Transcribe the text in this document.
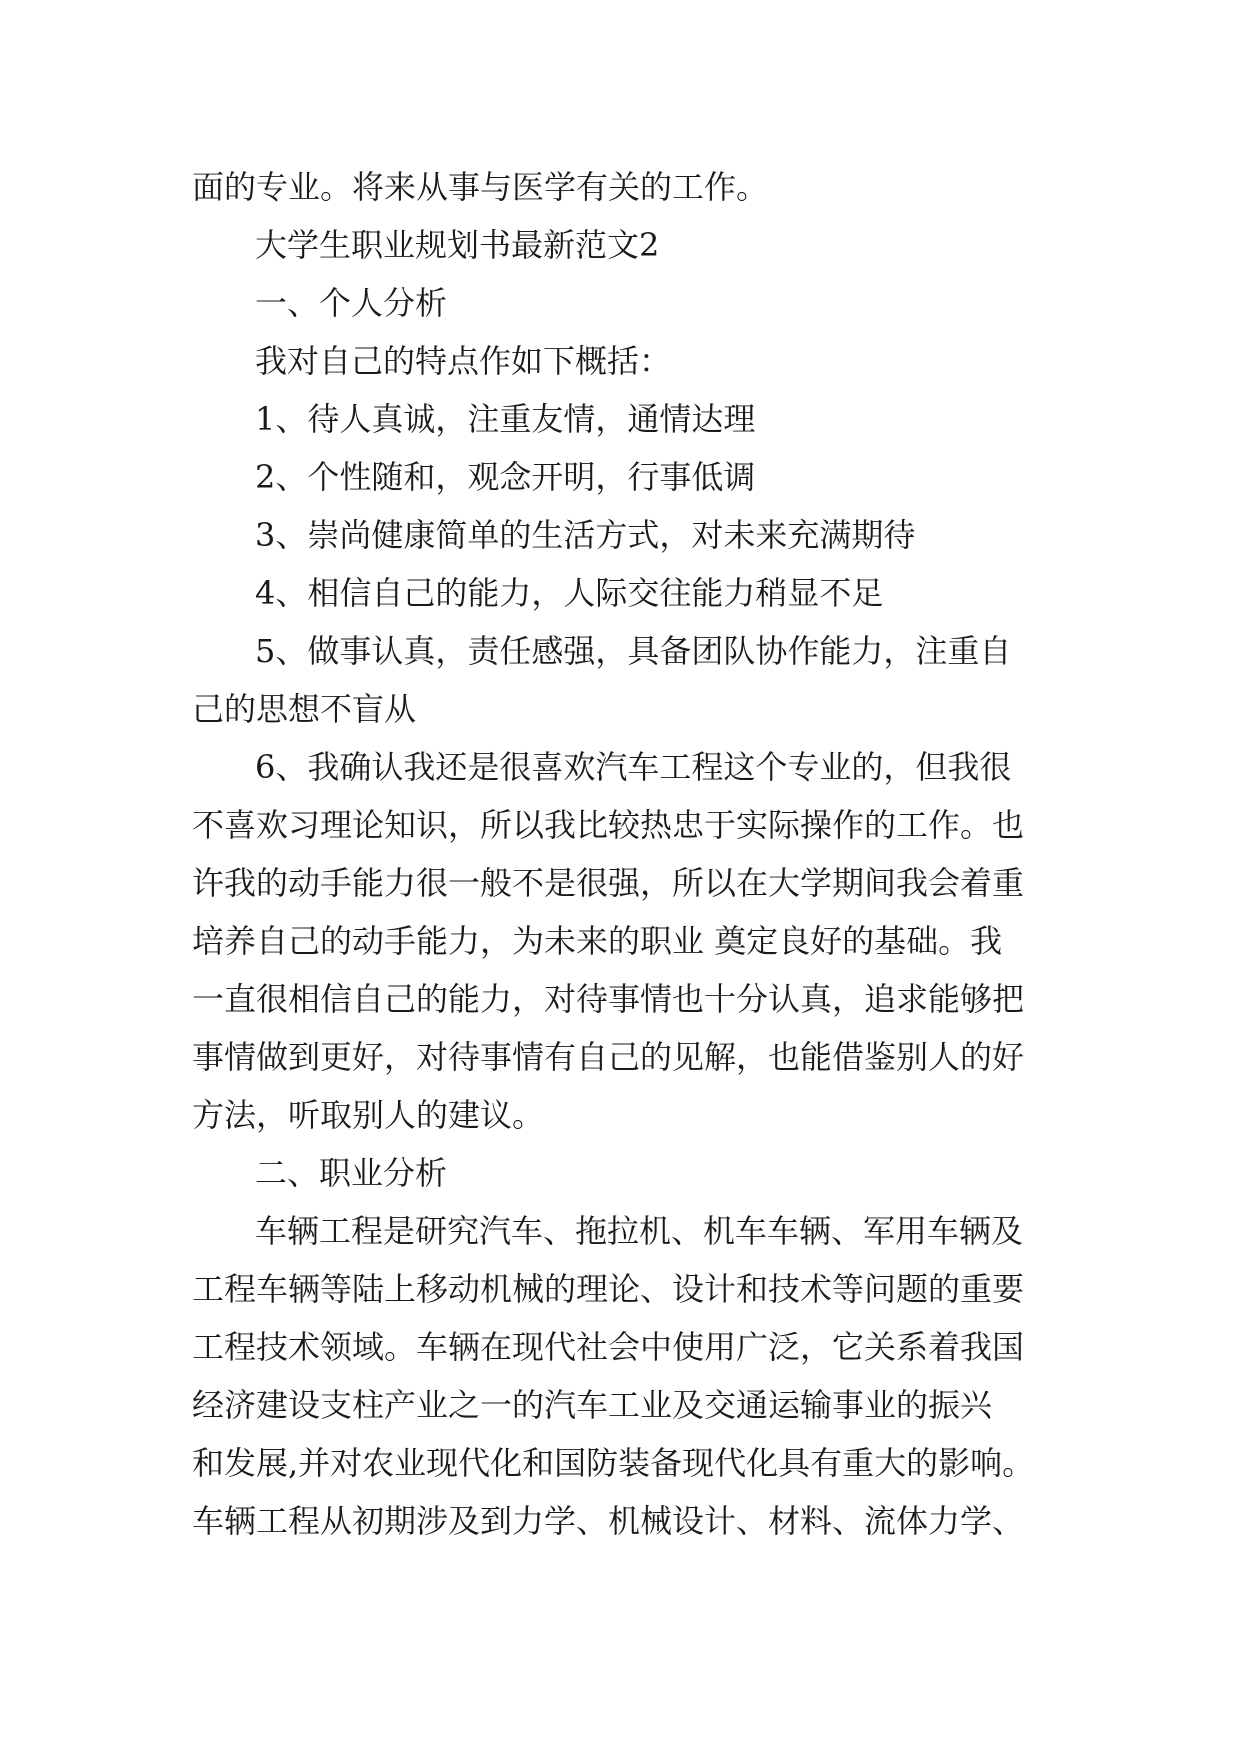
面的专业。将来从事与医学有关的工作。
大学生职业规划书最新范文2
一、个人分析
我对自己的特点作如下概括：
1、待人真诚，注重友情，通情达理
2、个性随和，观念开明，行事低调
3、崇尚健康简单的生活方式，对未来充满期待
4、相信自己的能力，人际交往能力稍显不足
5、做事认真，责任感强，具备团队协作能力，注重自
己的思想不盲从
6、我确认我还是很喜欢汽车工程这个专业的，但我很
不喜欢习理论知识，所以我比较热忠于实际操作的工作。也
许我的动手能力很一般不是很强，所以在大学期间我会着重
培养自己的动手能力，为未来的职业 奠定良好的基础。我
一直很相信自己的能力，对待事情也十分认真，追求能够把
事情做到更好，对待事情有自己的见解，也能借鉴别人的好
方法，听取别人的建议。
二、职业分析
车辆工程是研究汽车、拖拉机、机车车辆、军用车辆及
工程车辆等陆上移动机械的理论、设计和技术等问题的重要
工程技术领域。车辆在现代社会中使用广泛，它关系着我国
经济建设支柱产业之一的汽车工业及交通运输事业的振兴
和发展,并对农业现代化和国防装备现代化具有重大的影响。
车辆工程从初期涉及到力学、机械设计、材料、流体力学、
